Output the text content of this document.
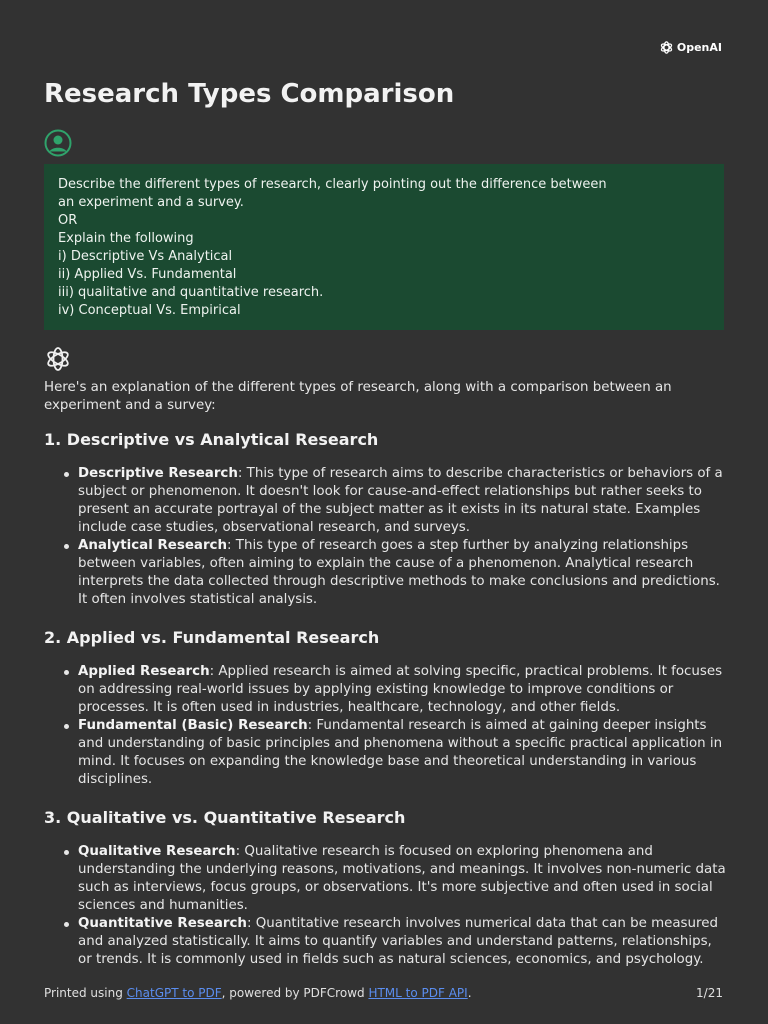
OpenAI
Research Types Comparison
Describe the different types of research, clearly pointing out the difference between
an experiment and a survey.
OR
Explain the following
i) Descriptive Vs Analytical
ii) Applied Vs. Fundamental
iii) qualitative and quantitative research.
iv) Conceptual Vs. Empirical

Here's an explanation of the different types of research, along with a comparison between an experiment and a survey:

1. Descriptive vs Analytical Research
Descriptive Research: This type of research aims to describe characteristics or behaviors of a subject or phenomenon. It doesn't look for cause-and-effect relationships but rather seeks to present an accurate portrayal of the subject matter as it exists in its natural state. Examples include case studies, observational research, and surveys.
Analytical Research: This type of research goes a step further by analyzing relationships between variables, often aiming to explain the cause of a phenomenon. Analytical research interprets the data collected through descriptive methods to make conclusions and predictions. It often involves statistical analysis.
2. Applied vs. Fundamental Research
Applied Research: Applied research is aimed at solving specific, practical problems. It focuses on addressing real-world issues by applying existing knowledge to improve conditions or processes. It is often used in industries, healthcare, technology, and other fields.
Fundamental (Basic) Research: Fundamental research is aimed at gaining deeper insights and understanding of basic principles and phenomena without a specific practical application in mind. It focuses on expanding the knowledge base and theoretical understanding in various disciplines.
3. Qualitative vs. Quantitative Research
Qualitative Research: Qualitative research is focused on exploring phenomena and understanding the underlying reasons, motivations, and meanings. It involves non-numeric data such as interviews, focus groups, or observations. It's more subjective and often used in social sciences and humanities.
Quantitative Research: Quantitative research involves numerical data that can be measured and analyzed statistically. It aims to quantify variables and understand patterns, relationships, or trends. It is commonly used in fields such as natural sciences, economics, and psychology.
Printed using ChatGPT to PDF, powered by PDFCrowd HTML to PDF API.	1/21
